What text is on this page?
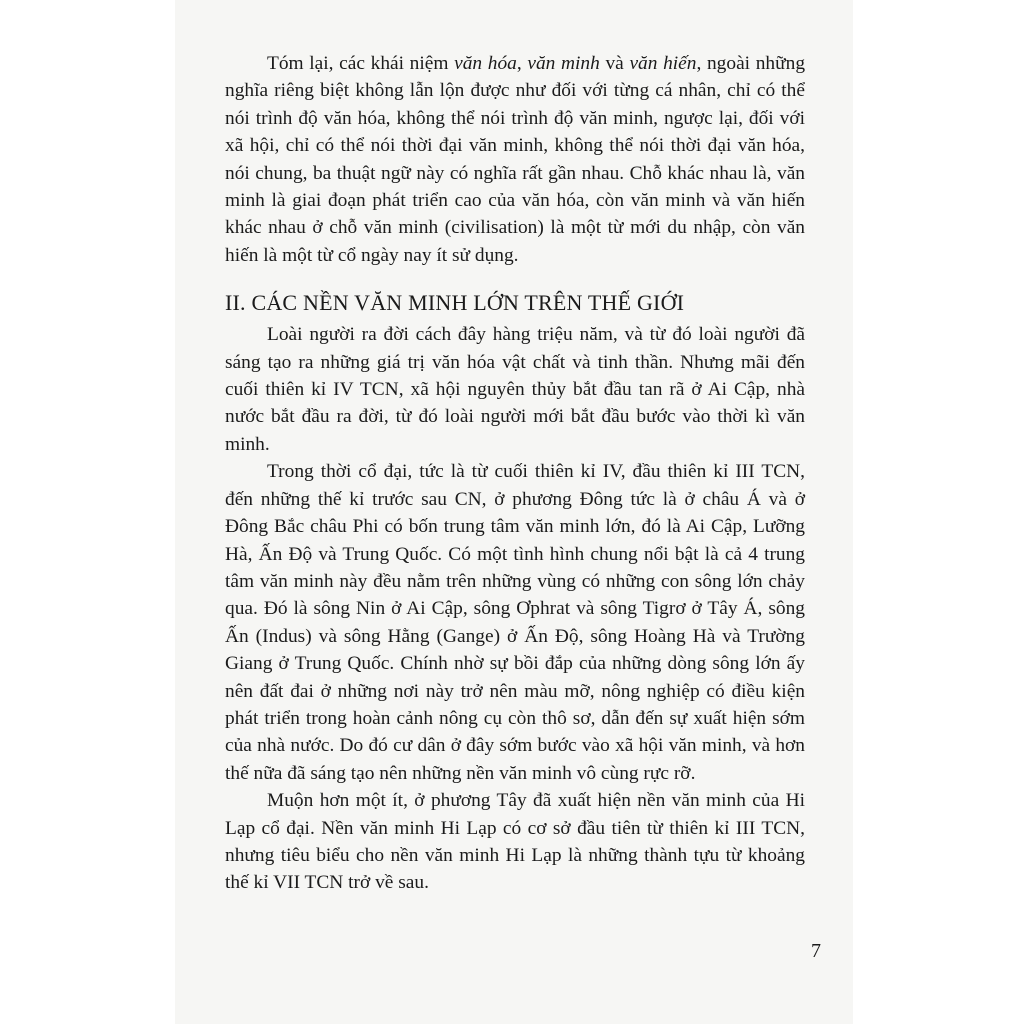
Tóm lại, các khái niệm văn hóa, văn minh và văn hiến, ngoài những nghĩa riêng biệt không lẫn lộn được như đối với từng cá nhân, chỉ có thể nói trình độ văn hóa, không thể nói trình độ văn minh, ngược lại, đối với xã hội, chỉ có thể nói thời đại văn minh, không thể nói thời đại văn hóa, nói chung, ba thuật ngữ này có nghĩa rất gần nhau. Chỗ khác nhau là, văn minh là giai đoạn phát triển cao của văn hóa, còn văn minh và văn hiến khác nhau ở chỗ văn minh (civilisation) là một từ mới du nhập, còn văn hiến là một từ cổ ngày nay ít sử dụng.

II. CÁC NỀN VĂN MINH LỚN TRÊN THẾ GIỚI

Loài người ra đời cách đây hàng triệu năm, và từ đó loài người đã sáng tạo ra những giá trị văn hóa vật chất và tinh thần. Nhưng mãi đến cuối thiên kỉ IV TCN, xã hội nguyên thủy bắt đầu tan rã ở Ai Cập, nhà nước bắt đầu ra đời, từ đó loài người mới bắt đầu bước vào thời kì văn minh.

Trong thời cổ đại, tức là từ cuối thiên kỉ IV, đầu thiên kỉ III TCN, đến những thế kỉ trước sau CN, ở phương Đông tức là ở châu Á và ở Đông Bắc châu Phi có bốn trung tâm văn minh lớn, đó là Ai Cập, Lưỡng Hà, Ấn Độ và Trung Quốc. Có một tình hình chung nổi bật là cả 4 trung tâm văn minh này đều nằm trên những vùng có những con sông lớn chảy qua. Đó là sông Nin ở Ai Cập, sông Ơphrat và sông Tigrơ ở Tây Á, sông Ấn (Indus) và sông Hằng (Gange) ở Ấn Độ, sông Hoàng Hà và Trường Giang ở Trung Quốc. Chính nhờ sự bồi đắp của những dòng sông lớn ấy nên đất đai ở những nơi này trở nên màu mỡ, nông nghiệp có điều kiện phát triển trong hoàn cảnh nông cụ còn thô sơ, dẫn đến sự xuất hiện sớm của nhà nước. Do đó cư dân ở đây sớm bước vào xã hội văn minh, và hơn thế nữa đã sáng tạo nên những nền văn minh vô cùng rực rỡ.

Muộn hơn một ít, ở phương Tây đã xuất hiện nền văn minh của Hi Lạp cổ đại. Nền văn minh Hi Lạp có cơ sở đầu tiên từ thiên kỉ III TCN, nhưng tiêu biểu cho nền văn minh Hi Lạp là những thành tựu từ khoảng thế kỉ VII TCN trở về sau.

7
